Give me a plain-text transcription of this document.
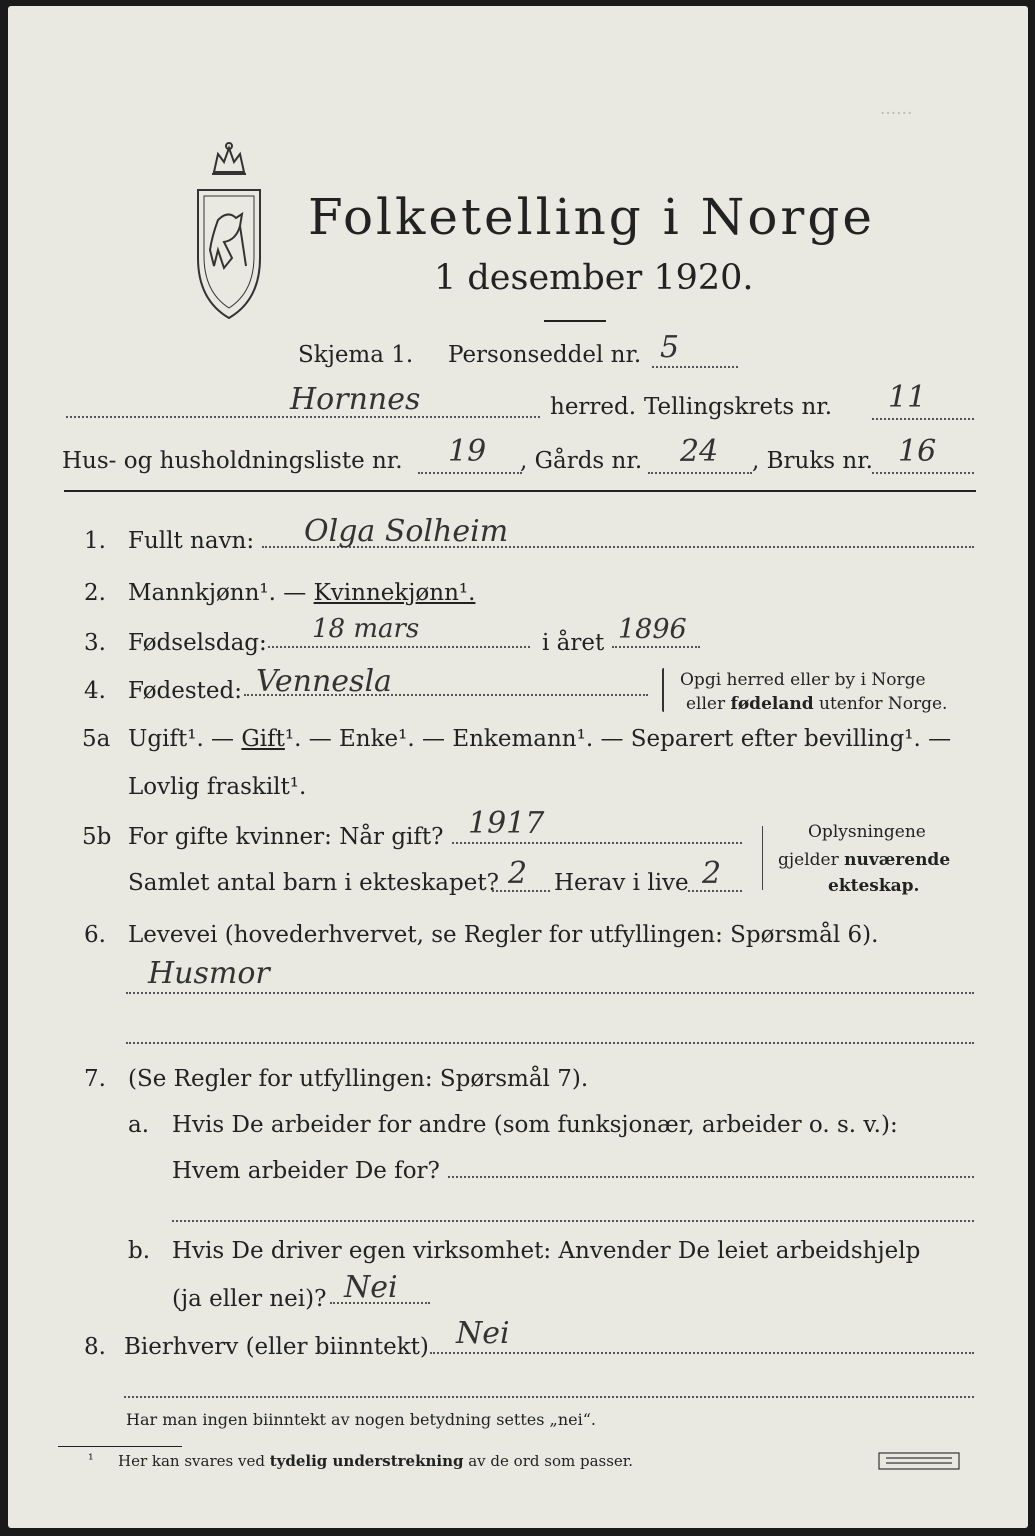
······
Folketelling i Norge
1 desember 1920.
Skjema 1. Personseddel nr. 5
Hornnes	herred. Tellingskrets nr. 11
Hus- og husholdningsliste nr. 19 , Gårds nr. 24 , Bruks nr. 16
1. Fullt navn: Olga Solheim
2. Mannkjønn¹. — Kvinnekjønn¹.
3. Fødselsdag: 18 mars	i året 1896
4. Fødested: Vennesla	Opgi herred eller by i Norge
eller fødeland utenfor Norge.
5a Ugift¹. — Gift¹. — Enke¹. — Enkemann¹. — Separert efter bevilling¹. —
Lovlig fraskilt¹.
5b For gifte kvinner: Når gift? 1917
Samlet antal barn i ekteskapet? 2 Herav i live 2
Oplysningene
gjelder nuværende
ekteskap.
6. Levevei (hovederhvervet, se Regler for utfyllingen: Spørsmål 6).
Husmor
7. (Se Regler for utfyllingen: Spørsmål 7).
a. Hvis De arbeider for andre (som funksjonær, arbeider o. s. v.):
Hvem arbeider De for?
b. Hvis De driver egen virksomhet: Anvender De leiet arbeidshjelp
(ja eller nei)? Nei
8. Bierhverv (eller biinntekt) Nei
Har man ingen biinntekt av nogen betydning settes „nei“.
¹ Her kan svares ved tydelig understrekning av de ord som passer.
